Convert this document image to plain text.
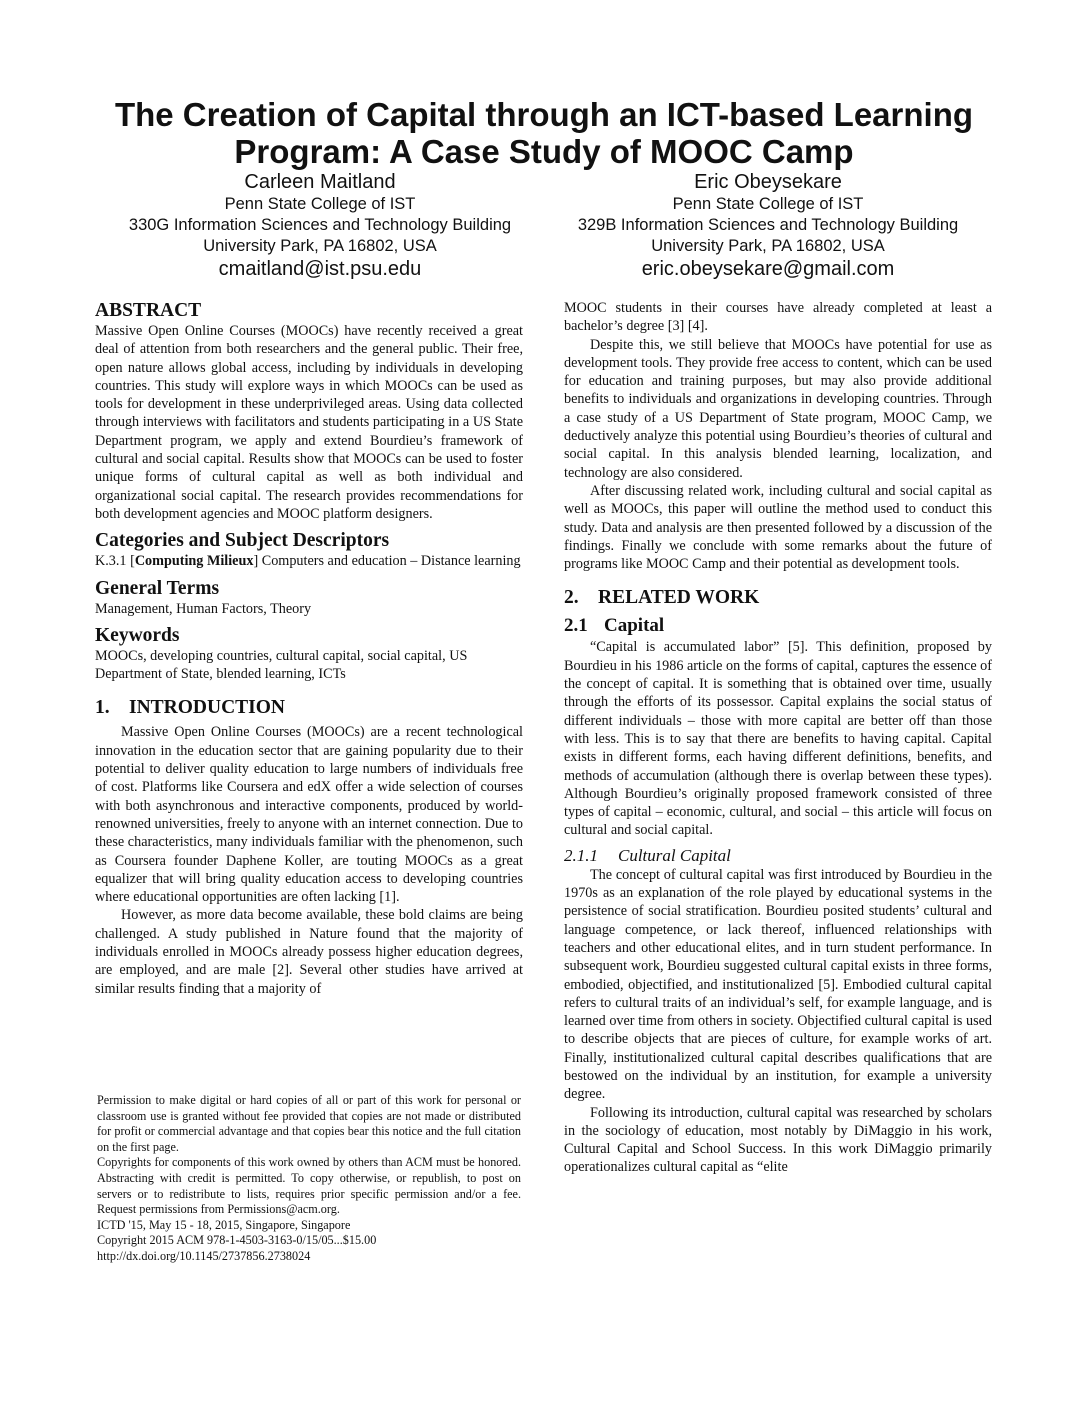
The Creation of Capital through an ICT-based Learning Program: A Case Study of MOOC Camp
Carleen Maitland
Penn State College of IST
330G Information Sciences and Technology Building
University Park, PA 16802, USA
cmaitland@ist.psu.edu
Eric Obeysekare
Penn State College of IST
329B Information Sciences and Technology Building
University Park, PA 16802, USA
eric.obeysekare@gmail.com
ABSTRACT

Massive Open Online Courses (MOOCs) have recently received a great deal of attention from both researchers and the general public. Their free, open nature allows global access, including by individuals in developing countries. This study will explore ways in which MOOCs can be used as tools for development in these underprivileged areas. Using data collected through interviews with facilitators and students participating in a US State Department program, we apply and extend Bourdieu’s framework of cultural and social capital. Results show that MOOCs can be used to foster unique forms of cultural capital as well as both individual and organizational social capital. The research provides recommendations for both development agencies and MOOC platform designers.

Categories and Subject Descriptors

K.3.1 [Computing Milieux] Computers and education – Distance learning

General Terms

Management, Human Factors, Theory

Keywords

MOOCs, developing countries, cultural capital, social capital, US Department of State, blended learning, ICTs

1. INTRODUCTION

Massive Open Online Courses (MOOCs) are a recent technological innovation in the education sector that are gaining popularity due to their potential to deliver quality education to large numbers of individuals free of cost. Platforms like Coursera and edX offer a wide selection of courses with both asynchronous and interactive components, produced by world-renowned universities, freely to anyone with an internet connection. Due to these characteristics, many individuals familiar with the phenomenon, such as Coursera founder Daphene Koller, are touting MOOCs as a great equalizer that will bring quality education access to developing countries where educational opportunities are often lacking [1].

However, as more data become available, these bold claims are being challenged. A study published in Nature found that the majority of individuals enrolled in MOOCs already possess higher education degrees, are employed, and are male [2]. Several other studies have arrived at similar results finding that a majority of

Permission to make digital or hard copies of all or part of this work for personal or classroom use is granted without fee provided that copies are not made or distributed for profit or commercial advantage and that copies bear this notice and the full citation on the first page.

Copyrights for components of this work owned by others than ACM must be honored. Abstracting with credit is permitted. To copy otherwise, or republish, to post on servers or to redistribute to lists, requires prior specific permission and/or a fee. Request permissions from Permissions@acm.org.

ICTD '15, May 15 - 18, 2015, Singapore, Singapore

Copyright 2015 ACM 978-1-4503-3163-0/15/05...$15.00

http://dx.doi.org/10.1145/2737856.2738024

MOOC students in their courses have already completed at least a bachelor’s degree [3] [4].

Despite this, we still believe that MOOCs have potential for use as development tools. They provide free access to content, which can be used for education and training purposes, but may also provide additional benefits to individuals and organizations in developing countries. Through a case study of a US Department of State program, MOOC Camp, we deductively analyze this potential using Bourdieu’s theories of cultural and social capital. In this analysis blended learning, localization, and technology are also considered.

After discussing related work, including cultural and social capital as well as MOOCs, this paper will outline the method used to conduct this study. Data and analysis are then presented followed by a discussion of the findings. Finally we conclude with some remarks about the future of programs like MOOC Camp and their potential as development tools.

2. RELATED WORK
2.1 Capital

“Capital is accumulated labor” [5]. This definition, proposed by Bourdieu in his 1986 article on the forms of capital, captures the essence of the concept of capital. It is something that is obtained over time, usually through the efforts of its possessor. Capital explains the social status of different individuals – those with more capital are better off than those with less. This is to say that there are benefits to having capital. Capital exists in different forms, each having different definitions, benefits, and methods of accumulation (although there is overlap between these types). Although Bourdieu’s originally proposed framework consisted of three types of capital – economic, cultural, and social – this article will focus on cultural and social capital.

2.1.1 Cultural Capital

The concept of cultural capital was first introduced by Bourdieu in the 1970s as an explanation of the role played by educational systems in the persistence of social stratification. Bourdieu posited students’ cultural and language competence, or lack thereof, influenced relationships with teachers and other educational elites, and in turn student performance. In subsequent work, Bourdieu suggested cultural capital exists in three forms, embodied, objectified, and institutionalized [5]. Embodied cultural capital refers to cultural traits of an individual’s self, for example language, and is learned over time from others in society. Objectified cultural capital is used to describe objects that are pieces of culture, for example works of art. Finally, institutionalized cultural capital describes qualifications that are bestowed on the individual by an institution, for example a university degree.

Following its introduction, cultural capital was researched by scholars in the sociology of education, most notably by DiMaggio in his work, Cultural Capital and School Success. In this work DiMaggio primarily operationalizes cultural capital as “elite
